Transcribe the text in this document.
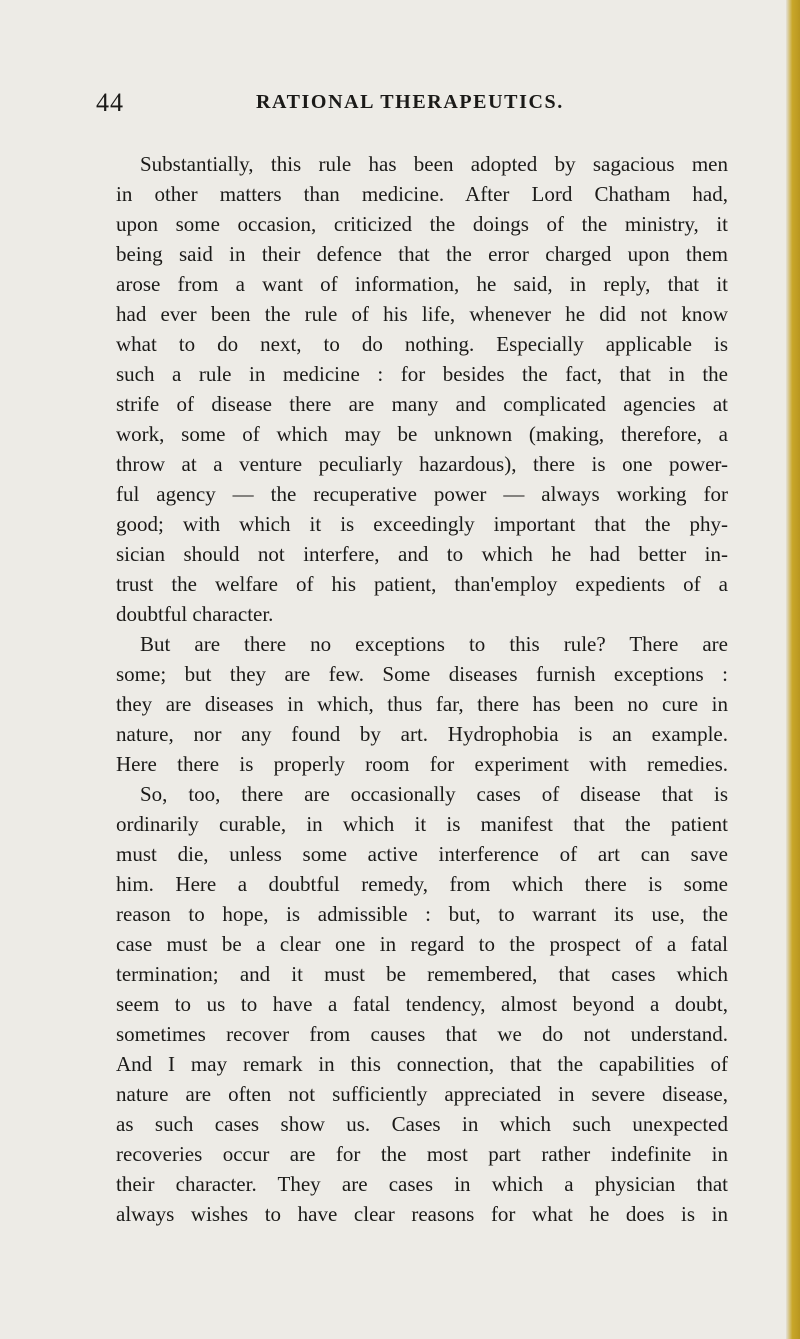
44	RATIONAL THERAPEUTICS.
Substantially, this rule has been adopted by sagacious men
in other matters than medicine. After Lord Chatham had,
upon some occasion, criticized the doings of the ministry, it
being said in their defence that the error charged upon them
arose from a want of information, he said, in reply, that it
had ever been the rule of his life, whenever he did not know
what to do next, to do nothing. Especially applicable is
such a rule in medicine : for besides the fact, that in the
strife of disease there are many and complicated agencies at
work, some of which may be unknown (making, therefore, a
throw at a venture peculiarly hazardous), there is one power-
ful agency — the recuperative power — always working for
good; with which it is exceedingly important that the phy-
sician should not interfere, and to which he had better in-
trust the welfare of his patient, than'employ expedients of a
doubtful character.
But are there no exceptions to this rule? There are
some; but they are few. Some diseases furnish exceptions :
they are diseases in which, thus far, there has been no cure in
nature, nor any found by art. Hydrophobia is an example.
Here there is properly room for experiment with remedies.
So, too, there are occasionally cases of disease that is
ordinarily curable, in which it is manifest that the patient
must die, unless some active interference of art can save
him. Here a doubtful remedy, from which there is some
reason to hope, is admissible : but, to warrant its use, the
case must be a clear one in regard to the prospect of a fatal
termination; and it must be remembered, that cases which
seem to us to have a fatal tendency, almost beyond a doubt,
sometimes recover from causes that we do not understand.
And I may remark in this connection, that the capabilities of
nature are often not sufficiently appreciated in severe disease,
as such cases show us. Cases in which such unexpected
recoveries occur are for the most part rather indefinite in
their character. They are cases in which a physician that
always wishes to have clear reasons for what he does is in
